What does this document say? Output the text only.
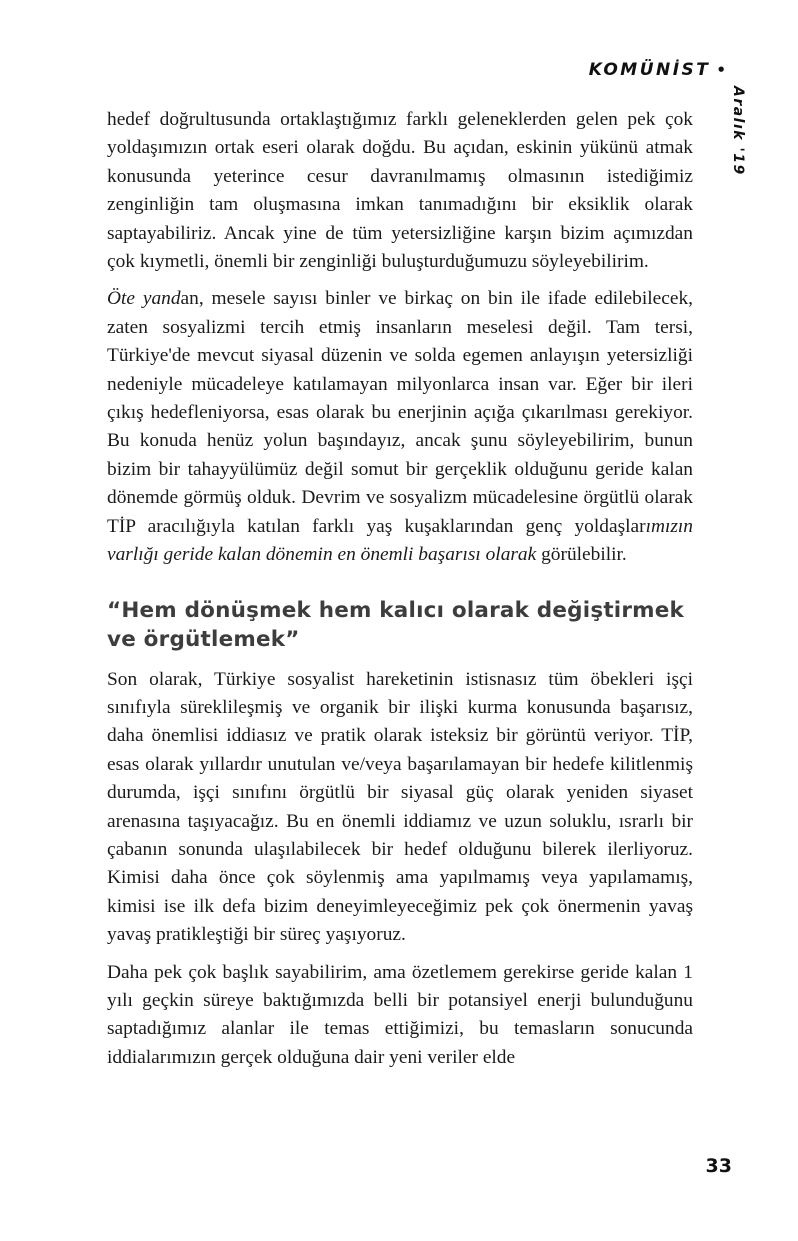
KOMÜNİST •
Aralık '19

hedef doğrultusunda ortaklaştığımız farklı geleneklerden gelen pek çok yoldaşımızın ortak eseri olarak doğdu. Bu açıdan, eskinin yükünü atmak konusunda yeterince cesur davranılmamış olmasının istediğimiz zenginliğin tam oluşmasına imkan tanımadığını bir eksiklik olarak saptayabiliriz. Ancak yine de tüm yetersizliğine karşın bizim açımızdan çok kıymetli, önemli bir zenginliği buluşturduğumuzu söyleyebilirim.

Öte yandan, mesele sayısı binler ve birkaç on bin ile ifade edilebilecek, zaten sosyalizmi tercih etmiş insanların meselesi değil. Tam tersi, Türkiye'de mevcut siyasal düzenin ve solda egemen anlayışın yetersizliği nedeniyle mücadeleye katılamayan milyonlarca insan var. Eğer bir ileri çıkış hedefleniyorsa, esas olarak bu enerjinin açığa çıkarılması gerekiyor. Bu konuda henüz yolun başındayız, ancak şunu söyleyebilirim, bunun bizim bir tahayyülümüz değil somut bir gerçeklik olduğunu geride kalan dönemde görmüş olduk. Devrim ve sosyalizm mücadelesine örgütlü olarak TİP aracılığıyla katılan farklı yaş kuşaklarından genç yoldaşlarımızın varlığı geride kalan dönemin en önemli başarısı olarak görülebilir.

“Hem dönüşmek hem kalıcı olarak değiştirmek ve örgütlemek”

Son olarak, Türkiye sosyalist hareketinin istisnasız tüm öbekleri işçi sınıfıyla süreklileşmiş ve organik bir ilişki kurma konusunda başarısız, daha önemlisi iddiasız ve pratik olarak isteksiz bir görüntü veriyor. TİP, esas olarak yıllardır unutulan ve/veya başarılamayan bir hedefe kilitlenmiş durumda, işçi sınıfını örgütlü bir siyasal güç olarak yeniden siyaset arenasına taşıyacağız. Bu en önemli iddiamız ve uzun soluklu, ısrarlı bir çabanın sonunda ulaşılabilecek bir hedef olduğunu bilerek ilerliyoruz. Kimisi daha önce çok söylenmiş ama yapılmamış veya yapılamamış, kimisi ise ilk defa bizim deneyimleyeceğimiz pek çok önermenin yavaş yavaş pratikleştiği bir süreç yaşıyoruz.

Daha pek çok başlık sayabilirim, ama özetlemem gerekirse geride kalan 1 yılı geçkin süreye baktığımızda belli bir potansiyel enerji bulunduğunu saptadığımız alanlar ile temas ettiğimizi, bu temasların sonucunda iddialarımızın gerçek olduğuna dair yeni veriler elde

33
